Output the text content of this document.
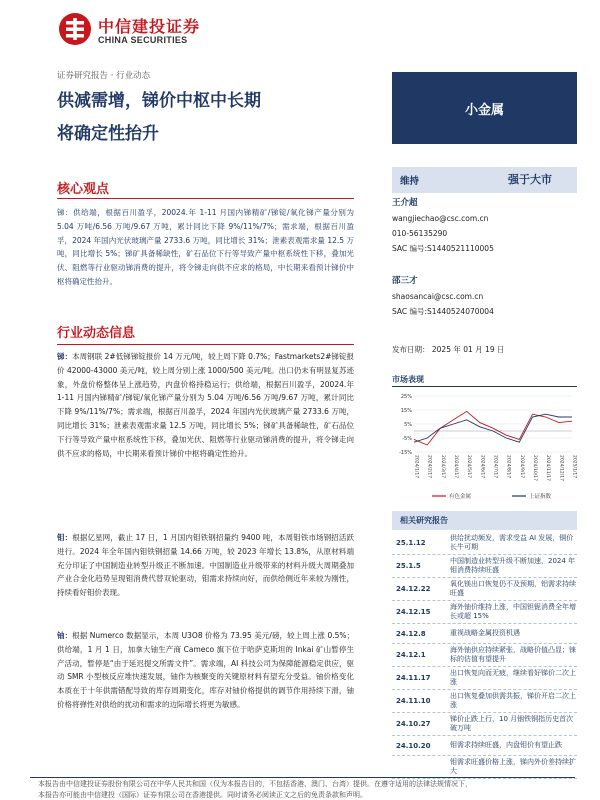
中信建投证券
CHINA SECURITIES
证券研究报告 · 行业动态
供减需增，锑价中枢中长期
将确定性抬升
小金属
维持	强于大市
王介超
wangjiechao@csc.com.cn
010-56135290
SAC 编号:S1440521110005
邵三才
shaosancai@csc.com.cn
SAC 编号:S1440524070004
发布日期： 2025 年 01 月 19 日
市场表现
25%
15%
5%
-5%
-15%
2024/1/17 2024/2/17 2024/3/17 2024/4/17 2024/5/17 2024/6/17 2024/7/17 2024/8/17 2024/9/17 2024/10/17 2024/11/17 2024/12/17 2025/1/17
有色金属	上证指数
相关研究报告
25.1.12
供给扰动频发，需求受益 AI 发展，铜价长牛可期
25.1.5
中国制造业转型升级不断加速，2024 年钼消费持续旺盛
24.12.22
氧化镁出口恢复仍不及预期，铝需求持续旺盛
24.12.15
海外铀价维持上涨，中国钽铌消费全年增长或超 15%
24.12.8	重视战略金属投资机遇
24.12.1
海外铀供应持续紧张，战略价值凸显；铼标的估值有望提升
24.11.17
出口恢复向而无疲，继续看好锑价二次上涨
24.11.10
出口恢复叠加供需共振，锑价开启二次上涨
24.10.27
锑价止跌上行，10 月铟铁钢指历史首次破万吨
24.10.20	钼需求持续旺盛，内盘钼价有望止跌
钼需求旺盛价格上涨，锑内外价差持续扩大
核心观点
锑：供给端，根据百川盈孚，20024.年 1-11 月国内锑精矿/锑锭/氧化锑产量分别为 5.04 万吨/6.56 万吨/9.67 万吨，累计同比下降 9%/11%/7%；需求端，根据百川盈孚，2024 年国内光伏玻璃产量 2733.6 万吨，同比增长 31%；泄素表观需求量 12.5 万吨，同比增长 5%；锑矿具备稀缺性，矿石品位下行等导致产量中枢系统性下移，叠加光伏、阻燃等行业驱动锑消费的提升，将令锑走向供不应求的格局，中长期来看预计锑价中枢将确定性抬升。
行业动态信息
锑：本周钢联 2#低锑锑锭报价 14 万元/吨，较上周下降 0.7%；Fastmarkets2#锑锭报价 42000-43000 美元/吨，较上周分别上涨 1000/500 美元/吨。出口仍未有明显复苏迹象，外盘价格整体呈上涨趋势，内盘价格持稳运行；供给端，根据百川盈孚，20024.年 1-11 月国内锑精矿/锑锭/氧化锑产量分别为 5.04 万吨/6.56 万吨/9.67 万吨，累计同比下降 9%/11%/7%；需求端，根据百川盈孚，2024 年国内光伏玻璃产量 2733.6 万吨，同比增长 31%；泄素表观需求量 12.5 万吨，同比增长 5%；锑矿具备稀缺性，矿石品位下行等导致产量中枢系统性下移，叠加光伏、阻燃等行业驱动锑消费的提升，将令锑走向供不应求的格局，中长期来看预计锑价中枢将确定性抬升。
钼：根据亿星网，截止 17 日，1 月国内钼铁钢招量约 9400 吨，本周钼铁市场钢招活跃进行。2024 年全年国内钼铁钢招量 14.66 万吨，较 2023 年增长 13.8%，从原材料端充分印证了中国制造业转型升级正不断加速。中国制造业升级带来的材料升级大周期叠加产业合金化趋势呈现钼消费代替双轮驱动，钼需求持续向好，而供给侧近年来较为刚性，持续看好钼价表现。
铀：根据 Numerco 数据显示，本周 U3O8 价格为 73.95 美元/磅，较上周上涨 0.5%；供给端，1 月 1 日，加拿大铀生产商 Cameco 旗下位于哈萨克斯坦的 Inkai 矿山暂停生产活动，暂停是“由于延迟提交所需文件”。需求端，AI 科技公司为保障能源稳定供应，驱动 SMR 小型核反应堆快速发展，铀作为核聚变的关键原材料有望充分受益。铀价格变化本质在于十年供需错配导致的库存周期变化，库存对铀价格提供的调节作用持续下滑，铀价格将弹性对供给的扰动和需求的边际增长将更为敏感。
本报告由中信建投证券股份有限公司在中华人民共和国（仅为本报告目的，不包括香港、澳门、台湾）提供。在遵守适用的法律法规情况下，
本报告亦可能由中信建投（国际）证券有限公司在香港提供。同时请务必阅读正文之后的免责条款和声明。
